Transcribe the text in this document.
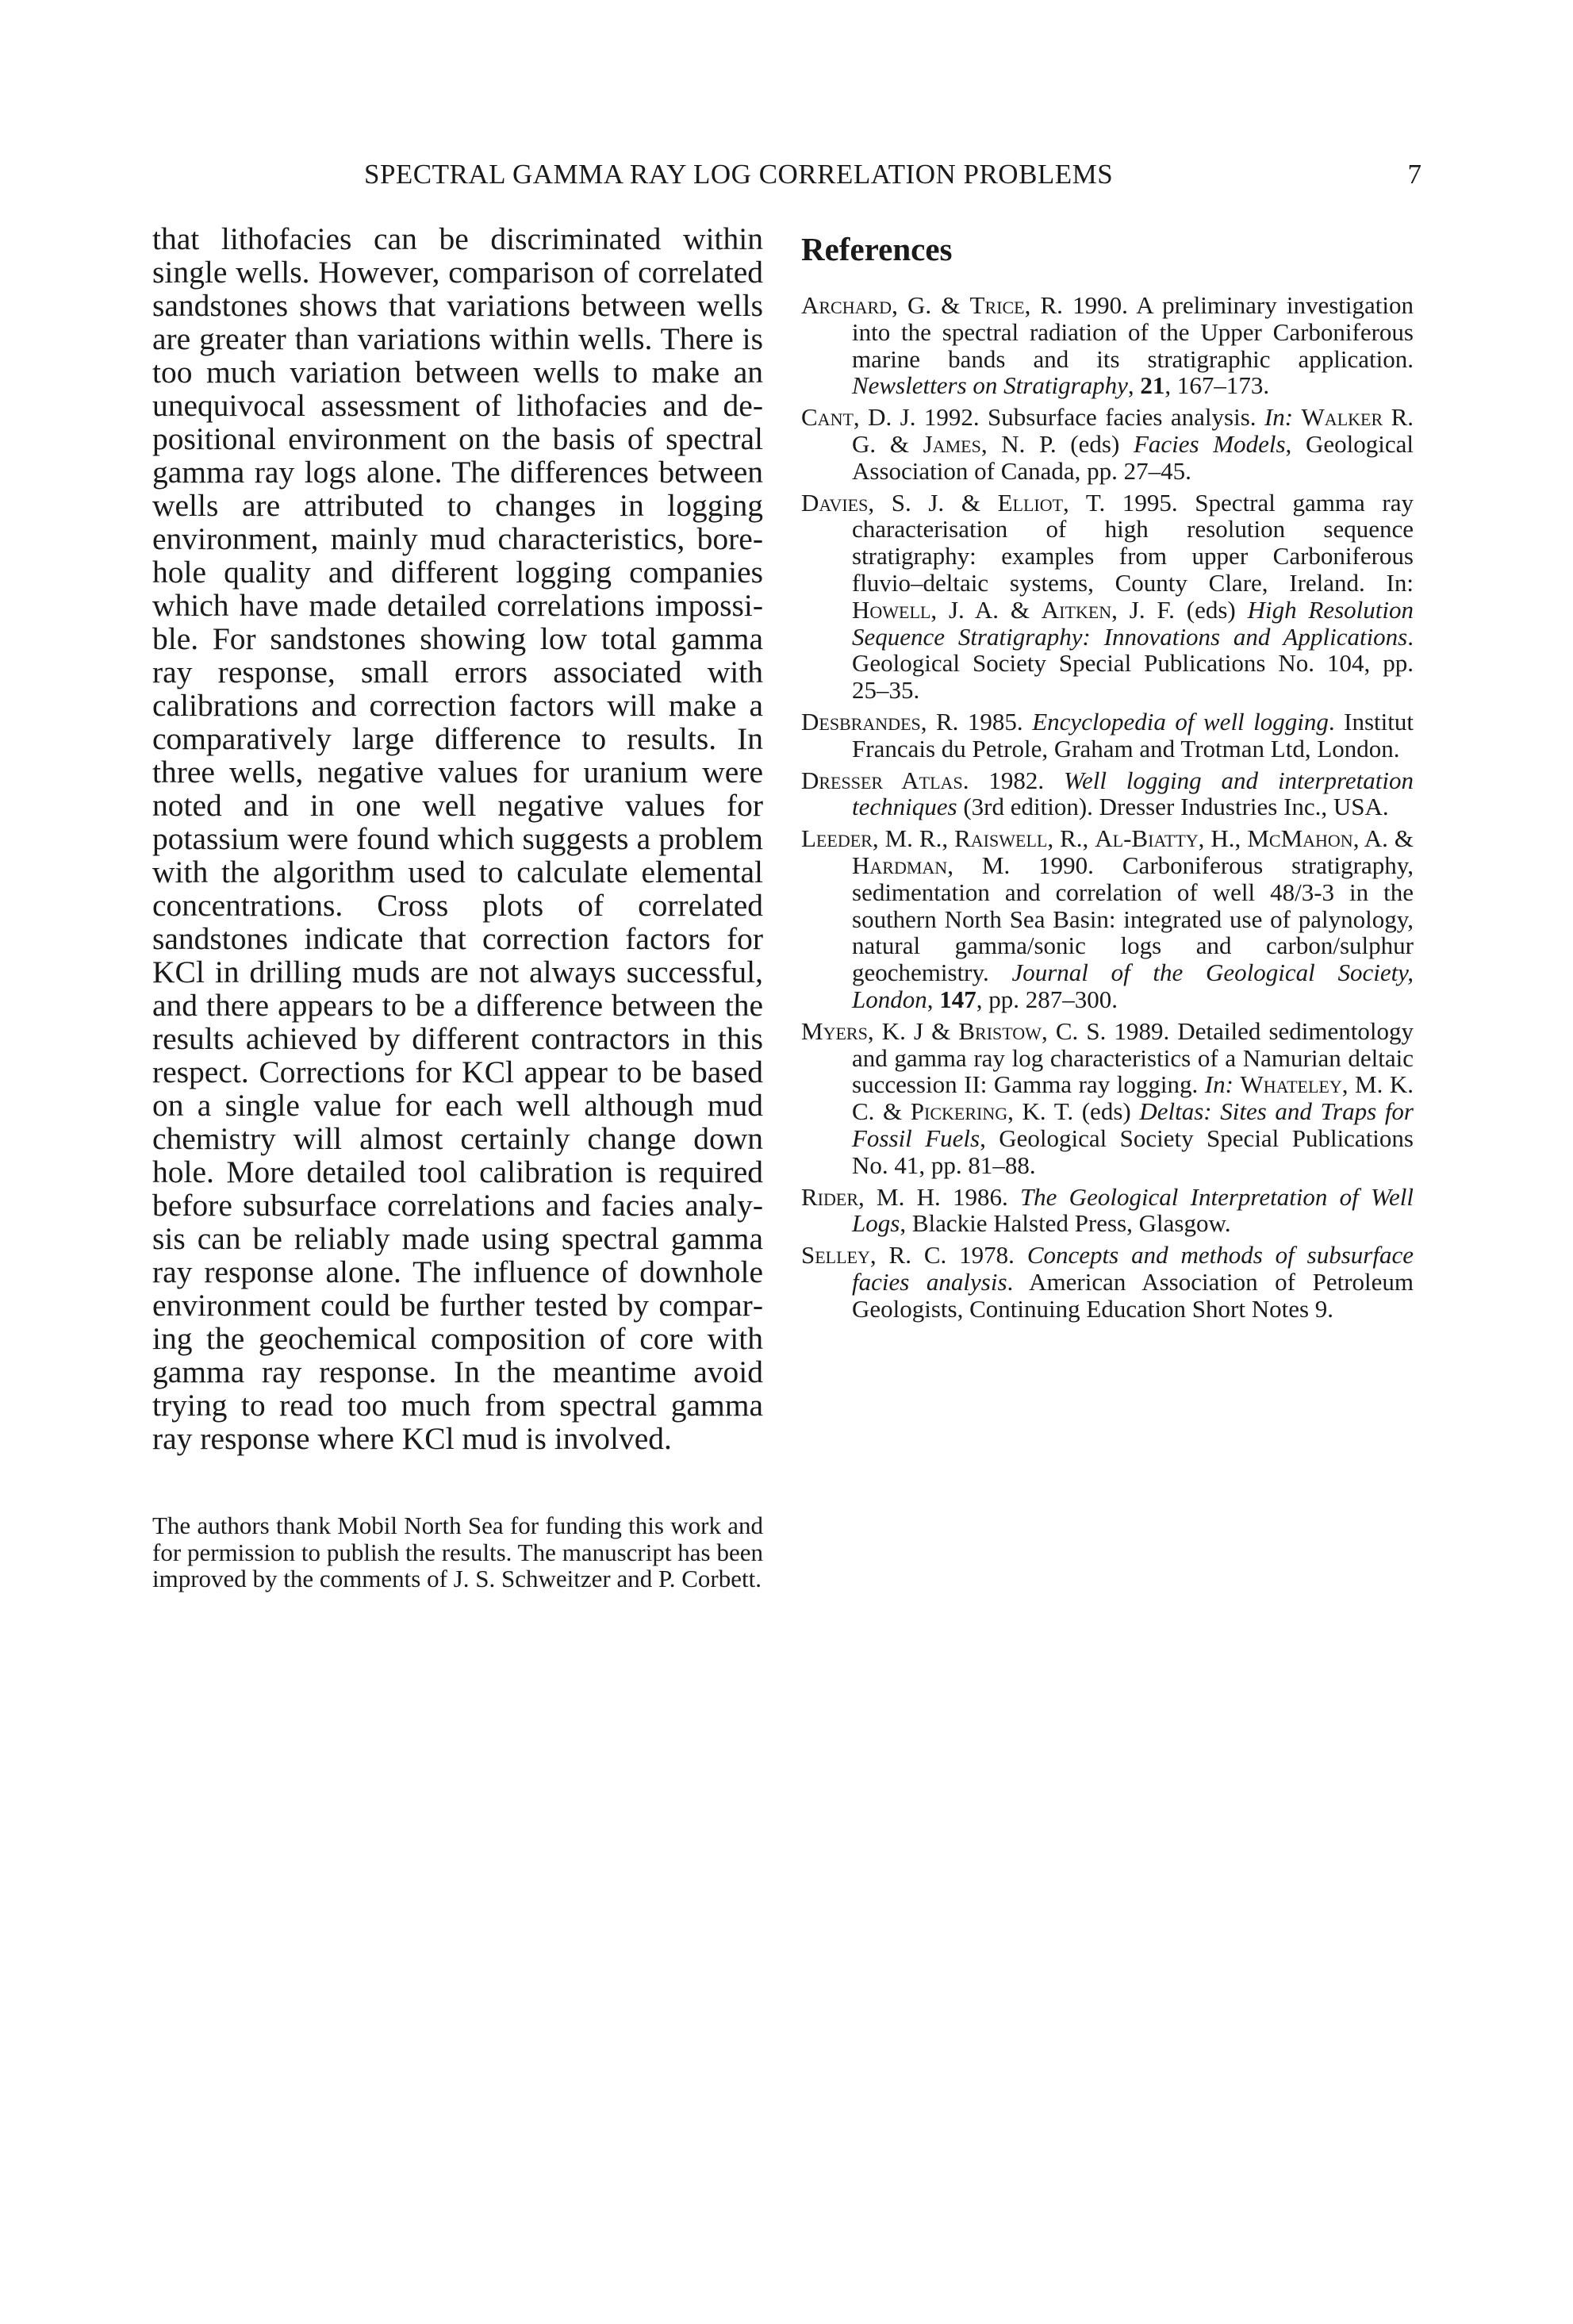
SPECTRAL GAMMA RAY LOG CORRELATION PROBLEMS	7

that lithofacies can be discriminated within single wells. However, comparison of correlated sandstones shows that variations between wells are greater than variations within wells. There is too much variation between wells to make an unequivocal assessment of lithofacies and depositional environment on the basis of spectral gamma ray logs alone. The differences between wells are attributed to changes in logging environment, mainly mud characteristics, borehole quality and different logging companies which have made detailed correlations impossible. For sandstones showing low total gamma ray response, small errors associated with calibrations and correction factors will make a comparatively large difference to results. In three wells, negative values for uranium were noted and in one well negative values for potassium were found which suggests a problem with the algorithm used to calculate elemental concentrations. Cross plots of correlated sandstones indicate that correction factors for KCl in drilling muds are not always successful, and there appears to be a difference between the results achieved by different contractors in this respect. Corrections for KCl appear to be based on a single value for each well although mud chemistry will almost certainly change down hole. More detailed tool calibration is required before subsurface correlations and facies analysis can be reliably made using spectral gamma ray response alone. The influence of downhole environment could be further tested by comparing the geochemical composition of core with gamma ray response. In the meantime avoid trying to read too much from spectral gamma ray response where KCl mud is involved.

The authors thank Mobil North Sea for funding this work and for permission to publish the results. The manuscript has been improved by the comments of J. S. Schweitzer and P. Corbett.

References
Archard, G. & Trice, R. 1990. A preliminary investigation into the spectral radiation of the Upper Carboniferous marine bands and its stratigraphic application. Newsletters on Stratigraphy, 21, 167–173.
Cant, D. J. 1992. Subsurface facies analysis. In: Walker R. G. & James, N. P. (eds) Facies Models, Geological Association of Canada, pp. 27–45.
Davies, S. J. & Elliot, T. 1995. Spectral gamma ray characterisation of high resolution sequence stratigraphy: examples from upper Carboniferous fluvio–deltaic systems, County Clare, Ireland. In: Howell, J. A. & Aitken, J. F. (eds) High Resolution Sequence Stratigraphy: Innovations and Applications. Geological Society Special Publications No. 104, pp. 25–35.
Desbrandes, R. 1985. Encyclopedia of well logging. Institut Francais du Petrole, Graham and Trotman Ltd, London.
Dresser Atlas. 1982. Well logging and interpretation techniques (3rd edition). Dresser Industries Inc., USA.
Leeder, M. R., Raiswell, R., Al-Biatty, H., McMahon, A. & Hardman, M. 1990. Carboniferous stratigraphy, sedimentation and correlation of well 48/3-3 in the southern North Sea Basin: integrated use of palynology, natural gamma/sonic logs and carbon/sulphur geochemistry. Journal of the Geological Society, London, 147, pp. 287–300.
Myers, K. J & Bristow, C. S. 1989. Detailed sedimentology and gamma ray log characteristics of a Namurian deltaic succession II: Gamma ray logging. In: Whateley, M. K. C. & Pickering, K. T. (eds) Deltas: Sites and Traps for Fossil Fuels, Geological Society Special Publications No. 41, pp. 81–88.
Rider, M. H. 1986. The Geological Interpretation of Well Logs, Blackie Halsted Press, Glasgow.
Selley, R. C. 1978. Concepts and methods of subsurface facies analysis. American Association of Petroleum Geologists, Continuing Education Short Notes 9.
